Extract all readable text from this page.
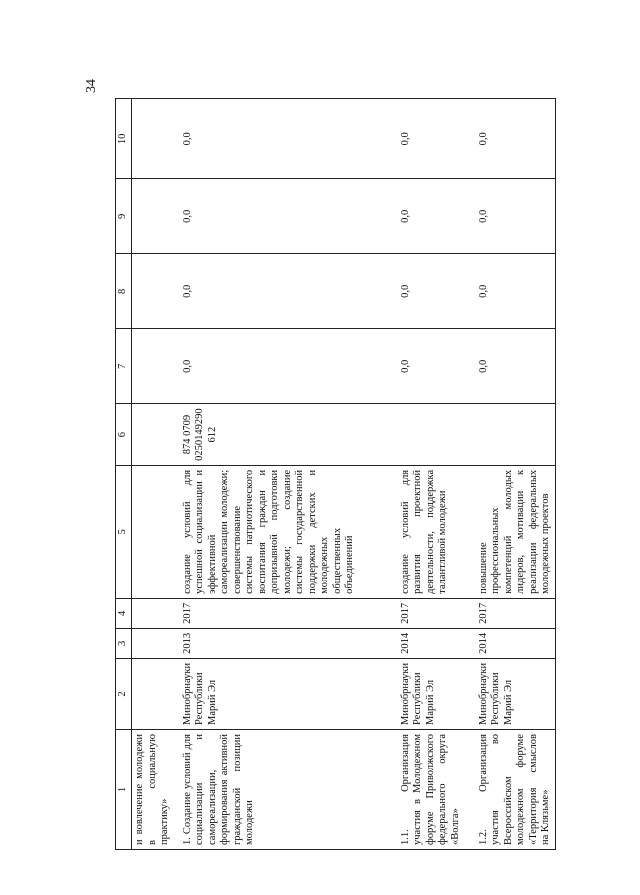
34
1	2	3	4	5	6	7	8	9	10
и вовлечение молодежи в социальную практику»									
1. Создание условий для социализации и самореализации, формирования активной гражданской позиции молодежи	Минобрнауки Республики Марий Эл	2013	2017	создание условий для успешной социализации и эффективной самореализации молодежи; совершенствование системы патриотического воспитания граждан и допризывной подготовки молодежи; создание системы государственной поддержки детских и молодежных общественных объединений	874 0709 0250149290 612	0,0	0,0	0,0	0,0
1.1. Организация участия в Молодежном форуме Приволжского федерального округа «Волга»	Минобрнауки Республики Марий Эл	2014	2017	создание условий для развития проектной деятельности, поддержка талантливой молодежи		0,0	0,0	0,0	0,0
1.2. Организация участия во Всероссийском молодежном форуме «Территория смыслов на Клязьме»	Минобрнауки Республики Марий Эл	2014	2017	повышение профессиональных компетенций молодых лидеров, мотивации к реализации федеральных молодежных проектов		0,0	0,0	0,0	0,0
